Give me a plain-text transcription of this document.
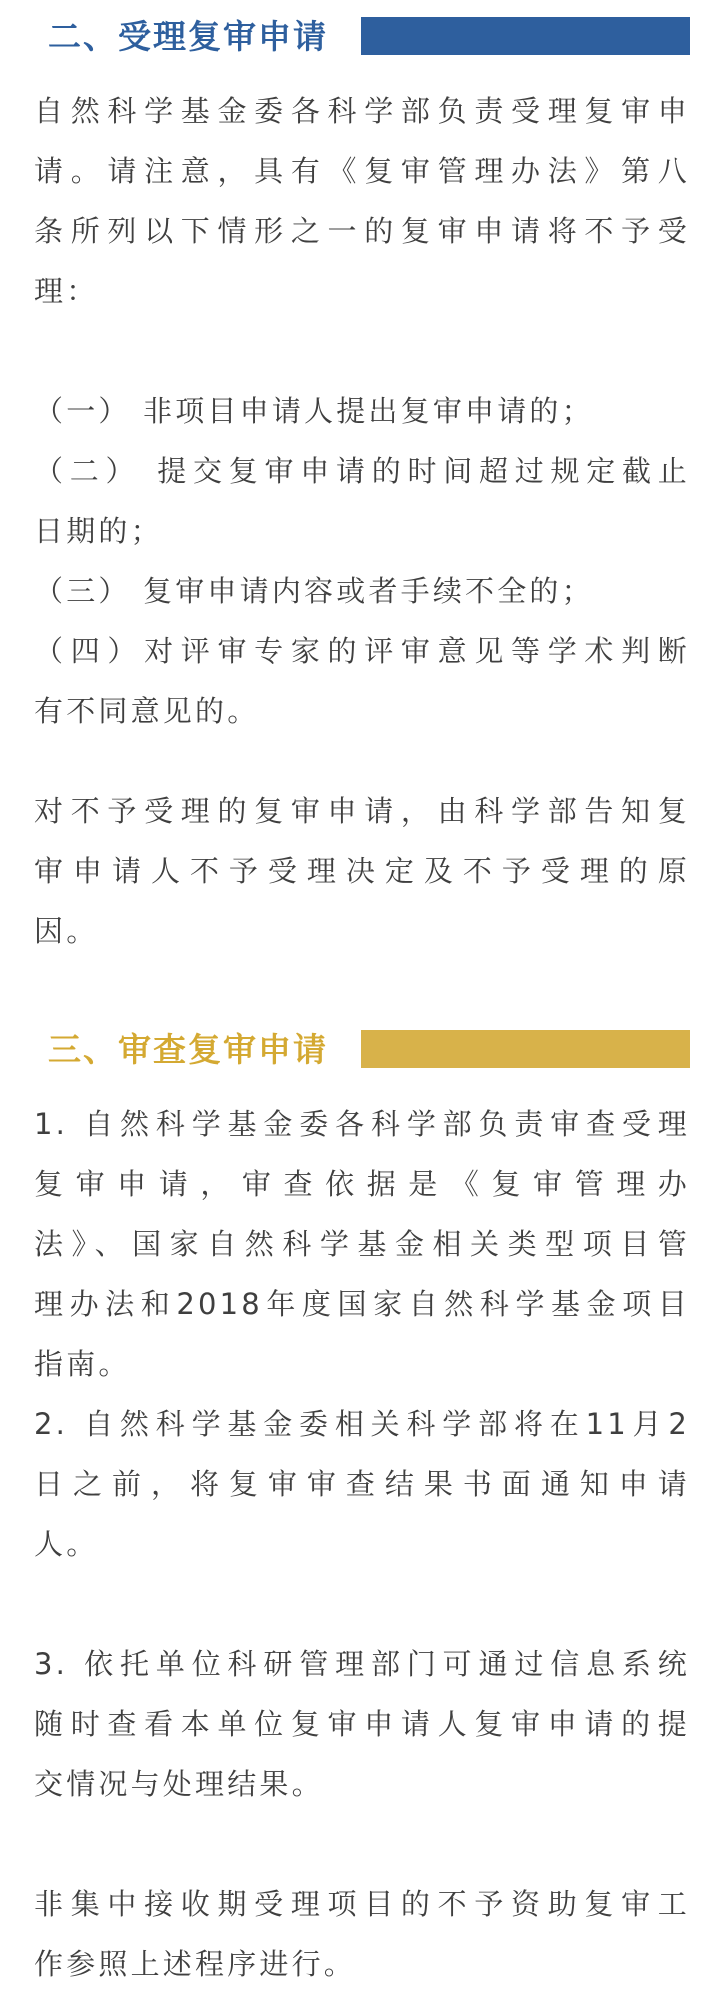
二、受理复审申请
自然科学基金委各科学部负责受理复审申
请。请注意，具有《复审管理办法》第八
条所列以下情形之一的复审申请将不予受
理：
（一） 非项目申请人提出复审申请的；
（二） 提交复审申请的时间超过规定截止
日期的；
（三） 复审申请内容或者手续不全的；
（四）对评审专家的评审意见等学术判断
有不同意见的。
对不予受理的复审申请，由科学部告知复
审申请人不予受理决定及不予受理的原
因。
三、审查复审申请
1. 自然科学基金委各科学部负责审查受理
复审申请，审查依据是《复审管理办
法》、国家自然科学基金相关类型项目管
理办法和2018年度国家自然科学基金项目
指南。
2. 自然科学基金委相关科学部将在11月2
日之前，将复审审查结果书面通知申请
人。
3. 依托单位科研管理部门可通过信息系统
随时查看本单位复审申请人复审申请的提
交情况与处理结果。
非集中接收期受理项目的不予资助复审工
作参照上述程序进行。
